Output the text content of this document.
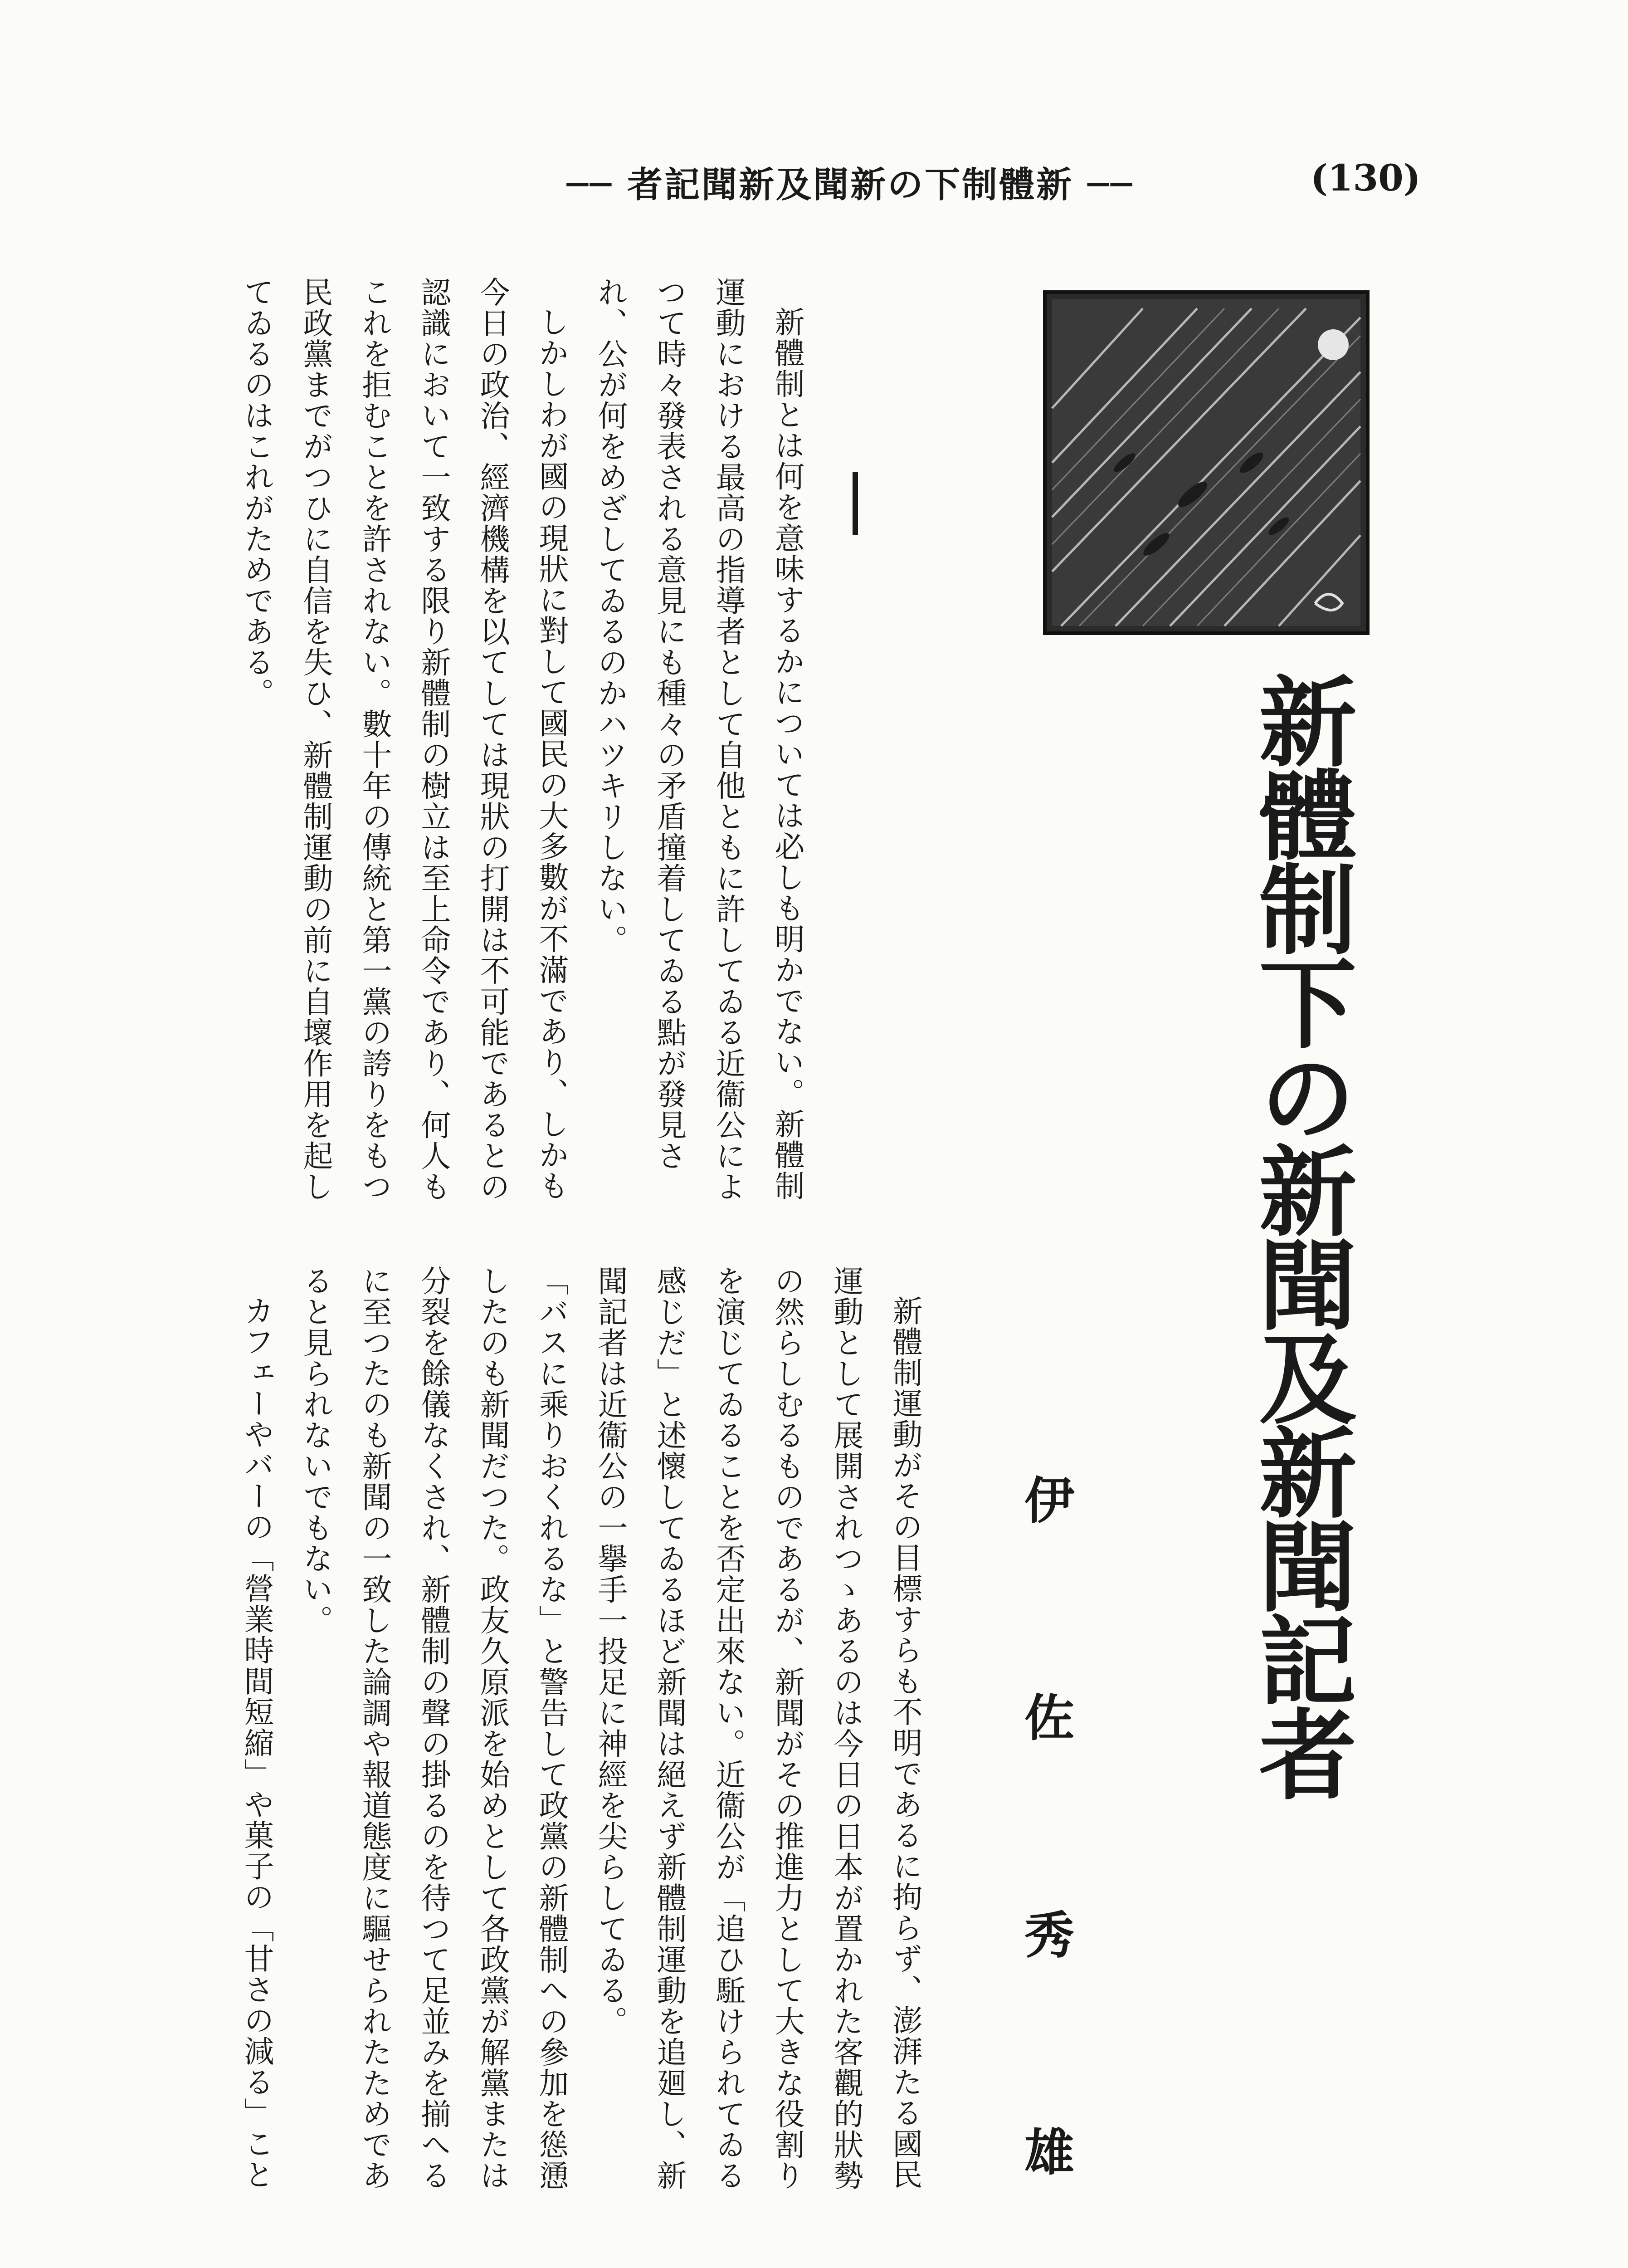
── 者記聞新及聞新の下制體新 ──	(130)
新體制下の新聞及新聞記者
伊 佐 秀 雄

新體制とは何を意味するかについては必しも明かでない。新體制

運動における最高の指導者として自他ともに許してゐる近衞公によ

つて時々發表される意見にも種々の矛盾撞着してゐる點が發見さ

れ、公が何をめざしてゐるのかハツキリしない。

しかしわが國の現狀に對して國民の大多數が不滿であり、しかも

今日の政治、經濟機構を以てしては現狀の打開は不可能であるとの

認識において一致する限り新體制の樹立は至上命令であり、何人も

これを拒むことを許されない。數十年の傳統と第一黨の誇りをもつ

民政黨までがつひに自信を失ひ、新體制運動の前に自壞作用を起し

てゐるのはこれがためである。

新體制運動がその目標すらも不明であるに拘らず、澎湃たる國民

運動として展開されつゝあるのは今日の日本が置かれた客觀的狀勢

の然らしむるものであるが、新聞がその推進力として大きな役割り

を演じてゐることを否定出來ない。近衞公が「追ひ駈けられてゐる

感じだ」と述懷してゐるほど新聞は絕えず新體制運動を追廻し、新

聞記者は近衞公の一擧手一投足に神經を尖らしてゐる。

「バスに乘りおくれるな」と警告して政黨の新體制への參加を慫慂

したのも新聞だつた。政友久原派を始めとして各政黨が解黨または

分裂を餘儀なくされ、新體制の聲の掛るのを待つて足並みを揃へる

に至つたのも新聞の一致した論調や報道態度に驅せられたためであ

ると見られないでもない。

カフェーやバーの「營業時間短縮」や菓子の「甘さの減る」こと
